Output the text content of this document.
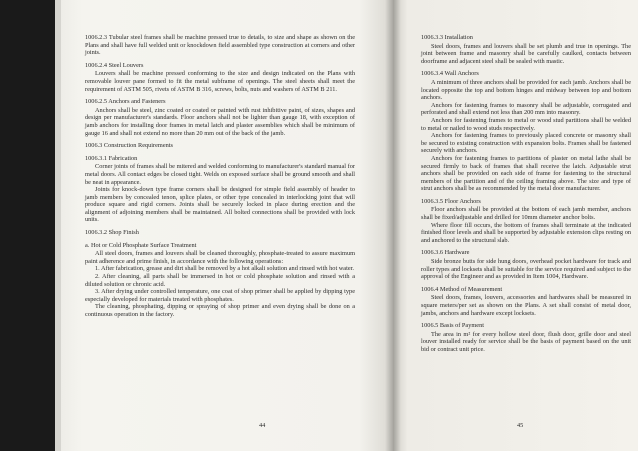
1006.2.3 Tubular steel frames shall be machine pressed true to details, to size and shape as shown on the Plans and shall have full welded unit or knockdown field assembled type construction at corners and other joints.
1006.2.4 Steel Louvers
Louvers shall be machine pressed conforming to the size and design indicated on the Plans with removable louver pane formed to fit the metal subframe of openings. The steel sheets shall meet the requirement of ASTM 505, rivets of ASTM B 316, screws, bolts, nuts and washers of ASTM B 211.
1006.2.5 Anchors and Fasteners
Anchors shall be steel, zinc coated or coated or painted with rust inhibitive paint, of sizes, shapes and design per manufacturer's standards. Floor anchors shall not be lighter than gauge 18, with exception of jamb anchors for installing door frames in metal latch and plaster assemblies which shall be minimum of gauge 16 and shall not extend no more than 20 mm out of the back of the jamb.
1006.3 Construction Requirements
1006.3.1 Fabrication
Corner joints of frames shall be mitered and welded conforming to manufacturer's standard manual for metal doors. All contact edges be closed tight. Welds on exposed surface shall be ground smooth and shall be neat in appearance.
Joints for knock-down type frame corners shall be designed for simple field assembly of header to jamb members by concealed tenon, splice plates, or other type concealed in interlocking joint that will produce square and rigid corners. Joints shall be securely locked in place during erection and the alignment of adjoining members shall be maintained. All bolted connections shall be provided with lock units.
1006.3.2 Shop Finish
a. Hot or Cold Phosphate Surface Treatment
All steel doors, frames and louvers shall be cleaned thoroughly, phosphate-treated to assure maximum paint adherence and prime finish, in accordance with the following operations:
1. After fabrication, grease and dirt shall be removed by a hot alkali solution and rinsed with hot water.
2. After cleaning, all parts shall be immersed in hot or cold phosphate solution and rinsed with a diluted solution or chronic acid.
3. After drying under controlled temperature, one coat of shop primer shall be applied by dipping type especially developed for materials treated with phosphates.
The cleaning, phosphating, dipping or spraying of shop primer and even drying shall be done on a continuous operation in the factory.
44
1006.3.3 Installation
Steel doors, frames and louvers shall be set plumb and true in openings. The joint between frame and masonry shall be carefully caulked, contacts between doorframe and adjacent steel shall be sealed with mastic.
1006.3.4 Wall Anchors
A minimum of three anchors shall be provided for each jamb. Anchors shall be located opposite the top and bottom hinges and midway between top and bottom anchors.
Anchors for fastening frames to masonry shall be adjustable, corrugated and perforated and shall extend not less than 200 mm into masonry.
Anchors for fastening frames to metal or wood stud partitions shall be welded to metal or nailed to wood studs respectively.
Anchors for fastening frames to previously placed concrete or masonry shall be secured to existing construction with expansion bolts. Frames shall be fastened securely with anchors.
Anchors for fastening frames to partitions of plaster on metal lathe shall be secured firmly to back of frames that shall receive the latch. Adjustable strut anchors shall be provided on each side of frame for fastening to the structural members of the partition and of the ceiling framing above. The size and type of strut anchors shall be as recommended by the metal door manufacturer.
1006.3.5 Floor Anchors
Floor anchors shall be provided at the bottom of each jamb member, anchors shall be fixed/adjustable and drilled for 10mm diameter anchor bolts.
Where floor fill occurs, the bottom of frames shall terminate at the indicated finished floor levels and shall be supported by adjustable extension clips resting on and anchored to the structural slab.
1006.3.6 Hardware
Side bronze butts for side hung doors, overhead pocket hardware for track and roller types and locksets shall be suitable for the service required and subject to the approval of the Engineer and as provided in Item 1004, Hardware.
1006.4 Method of Measurement
Steel doors, frames, louvers, accessories and hardwares shall be measured in square meters/per set as shown on the Plans. A set shall consist of metal door, jambs, anchors and hardware except locksets.
1006.5 Basis of Payment
The area in m² for every hollow steel door, flush door, grille door and steel louver installed ready for service shall be the basis of payment based on the unit bid or contract unit price.
45
